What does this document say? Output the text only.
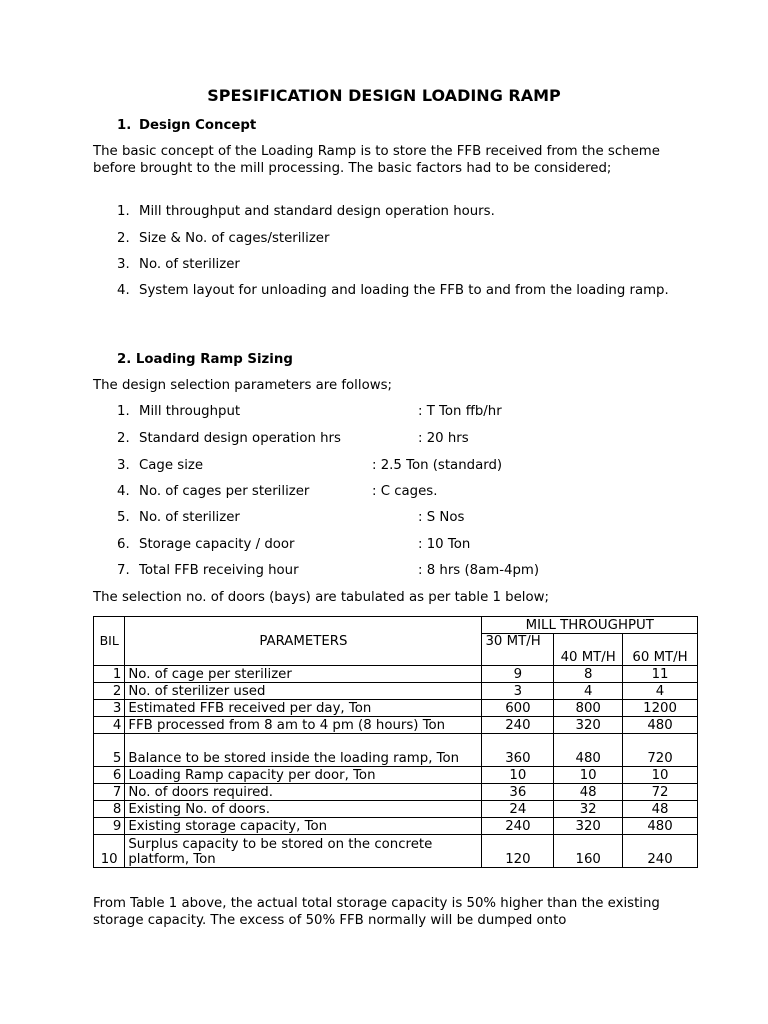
SPESIFICATION DESIGN LOADING RAMP
1. Design Concept
The basic concept of the Loading Ramp is to store the FFB received from the scheme before brought to the mill processing. The basic factors had to be considered;
1. Mill throughput and standard design operation hours.
2. Size & No. of cages/sterilizer
3. No. of sterilizer
4. System layout for unloading and loading the FFB to and from the loading ramp.
2. Loading Ramp Sizing
The design selection parameters are follows;
1. Mill throughput	: T Ton ffb/hr
2. Standard design operation hrs	: 20 hrs
3. Cage size	: 2.5 Ton (standard)
4. No. of cages per sterilizer	: C cages.
5. No. of sterilizer	: S Nos
6. Storage capacity / door	: 10 Ton
7. Total FFB receiving hour	: 8 hrs (8am-4pm)
The selection no. of doors (bays) are tabulated as per table 1 below;
BIL	PARAMETERS	MILL THROUGHPUT		
		30 MT/H	40 MT/H	60 MT/H
1	No. of cage per sterilizer	9	8	11
2	No. of sterilizer used	3	4	4
3	Estimated FFB received per day, Ton	600	800	1200
4	FFB processed from 8 am to 4 pm (8 hours) Ton	240	320	480
5	Balance to be stored inside the loading ramp, Ton	360	480	720
6	Loading Ramp capacity per door, Ton	10	10	10
7	No. of doors required.	36	48	72
8	Existing No. of doors.	24	32	48
9	Existing storage capacity, Ton	240	320	480
10	Surplus capacity to be stored on the concrete platform, Ton	120	160	240
From Table 1 above, the actual total storage capacity is 50% higher than the existing storage capacity. The excess of 50% FFB normally will be dumped onto
